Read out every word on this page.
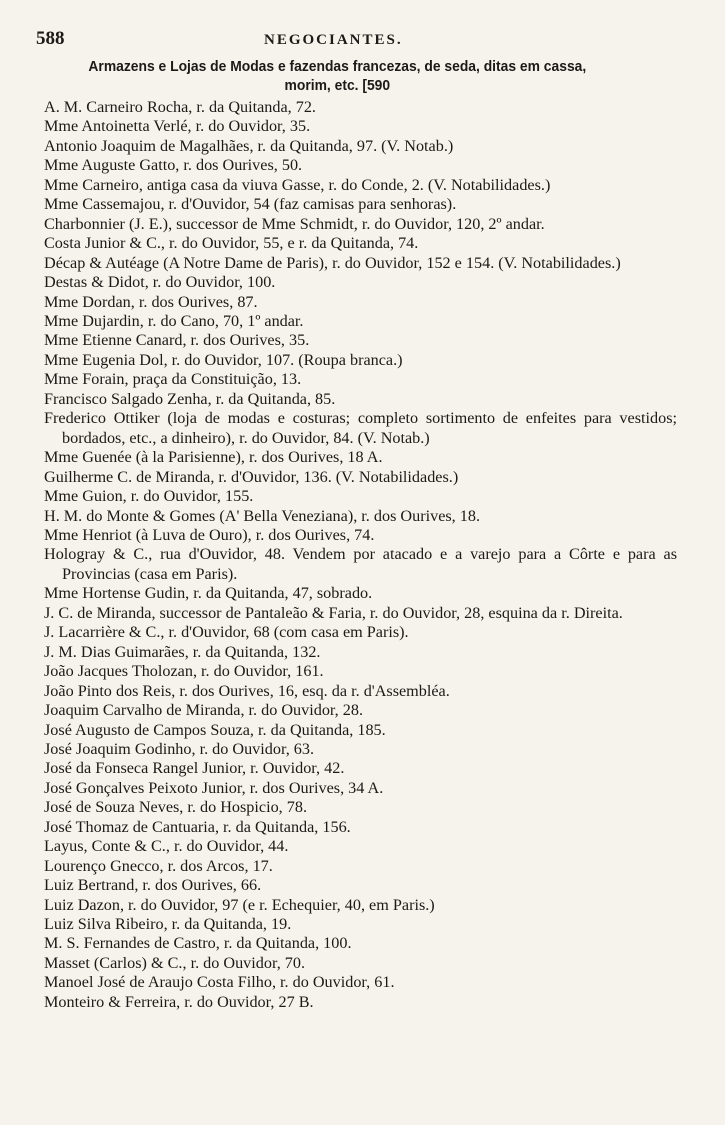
588	NEGOCIANTES.
Armazens e Lojas de Modas e fazendas francezas, de seda, ditas em cassa,
morim, etc. [590
A. M. Carneiro Rocha, r. da Quitanda, 72.
Mme Antoinetta Verlé, r. do Ouvidor, 35.
Antonio Joaquim de Magalhães, r. da Quitanda, 97. (V. Notab.)
Mme Auguste Gatto, r. dos Ourives, 50.
Mme Carneiro, antiga casa da viuva Gasse, r. do Conde, 2. (V. Notabilidades.)
Mme Cassemajou, r. d'Ouvidor, 54 (faz camisas para senhoras).
Charbonnier (J. E.), successor de Mme Schmidt, r. do Ouvidor, 120, 2º andar.
Costa Junior & C., r. do Ouvidor, 55, e r. da Quitanda, 74.
Décap & Autéage (A Notre Dame de Paris), r. do Ouvidor, 152 e 154. (V. Notabilidades.)
Destas & Didot, r. do Ouvidor, 100.
Mme Dordan, r. dos Ourives, 87.
Mme Dujardin, r. do Cano, 70, 1º andar.
Mme Etienne Canard, r. dos Ourives, 35.
Mme Eugenia Dol, r. do Ouvidor, 107. (Roupa branca.)
Mme Forain, praça da Constituição, 13.
Francisco Salgado Zenha, r. da Quitanda, 85.
Frederico Ottiker (loja de modas e costuras; completo sortimento de enfeites para vestidos; bordados, etc., a dinheiro), r. do Ouvidor, 84. (V. Notab.)
Mme Guenée (à la Parisienne), r. dos Ourives, 18 A.
Guilherme C. de Miranda, r. d'Ouvidor, 136. (V. Notabilidades.)
Mme Guion, r. do Ouvidor, 155.
H. M. do Monte & Gomes (A' Bella Veneziana), r. dos Ourives, 18.
Mme Henriot (à Luva de Ouro), r. dos Ourives, 74.
Hologray & C., rua d'Ouvidor, 48. Vendem por atacado e a varejo para a Côrte e para as Provincias (casa em Paris).
Mme Hortense Gudin, r. da Quitanda, 47, sobrado.
J. C. de Miranda, successor de Pantaleão & Faria, r. do Ouvidor, 28, esquina da r. Direita.
J. Lacarrière & C., r. d'Ouvidor, 68 (com casa em Paris).
J. M. Dias Guimarães, r. da Quitanda, 132.
João Jacques Tholozan, r. do Ouvidor, 161.
João Pinto dos Reis, r. dos Ourives, 16, esq. da r. d'Assembléa.
Joaquim Carvalho de Miranda, r. do Ouvidor, 28.
José Augusto de Campos Souza, r. da Quitanda, 185.
José Joaquim Godinho, r. do Ouvidor, 63.
José da Fonseca Rangel Junior, r. Ouvidor, 42.
José Gonçalves Peixoto Junior, r. dos Ourives, 34 A.
José de Souza Neves, r. do Hospicio, 78.
José Thomaz de Cantuaria, r. da Quitanda, 156.
Layus, Conte & C., r. do Ouvidor, 44.
Lourenço Gnecco, r. dos Arcos, 17.
Luiz Bertrand, r. dos Ourives, 66.
Luiz Dazon, r. do Ouvidor, 97 (e r. Echequier, 40, em Paris.)
Luiz Silva Ribeiro, r. da Quitanda, 19.
M. S. Fernandes de Castro, r. da Quitanda, 100.
Masset (Carlos) & C., r. do Ouvidor, 70.
Manoel José de Araujo Costa Filho, r. do Ouvidor, 61.
Monteiro & Ferreira, r. do Ouvidor, 27 B.
